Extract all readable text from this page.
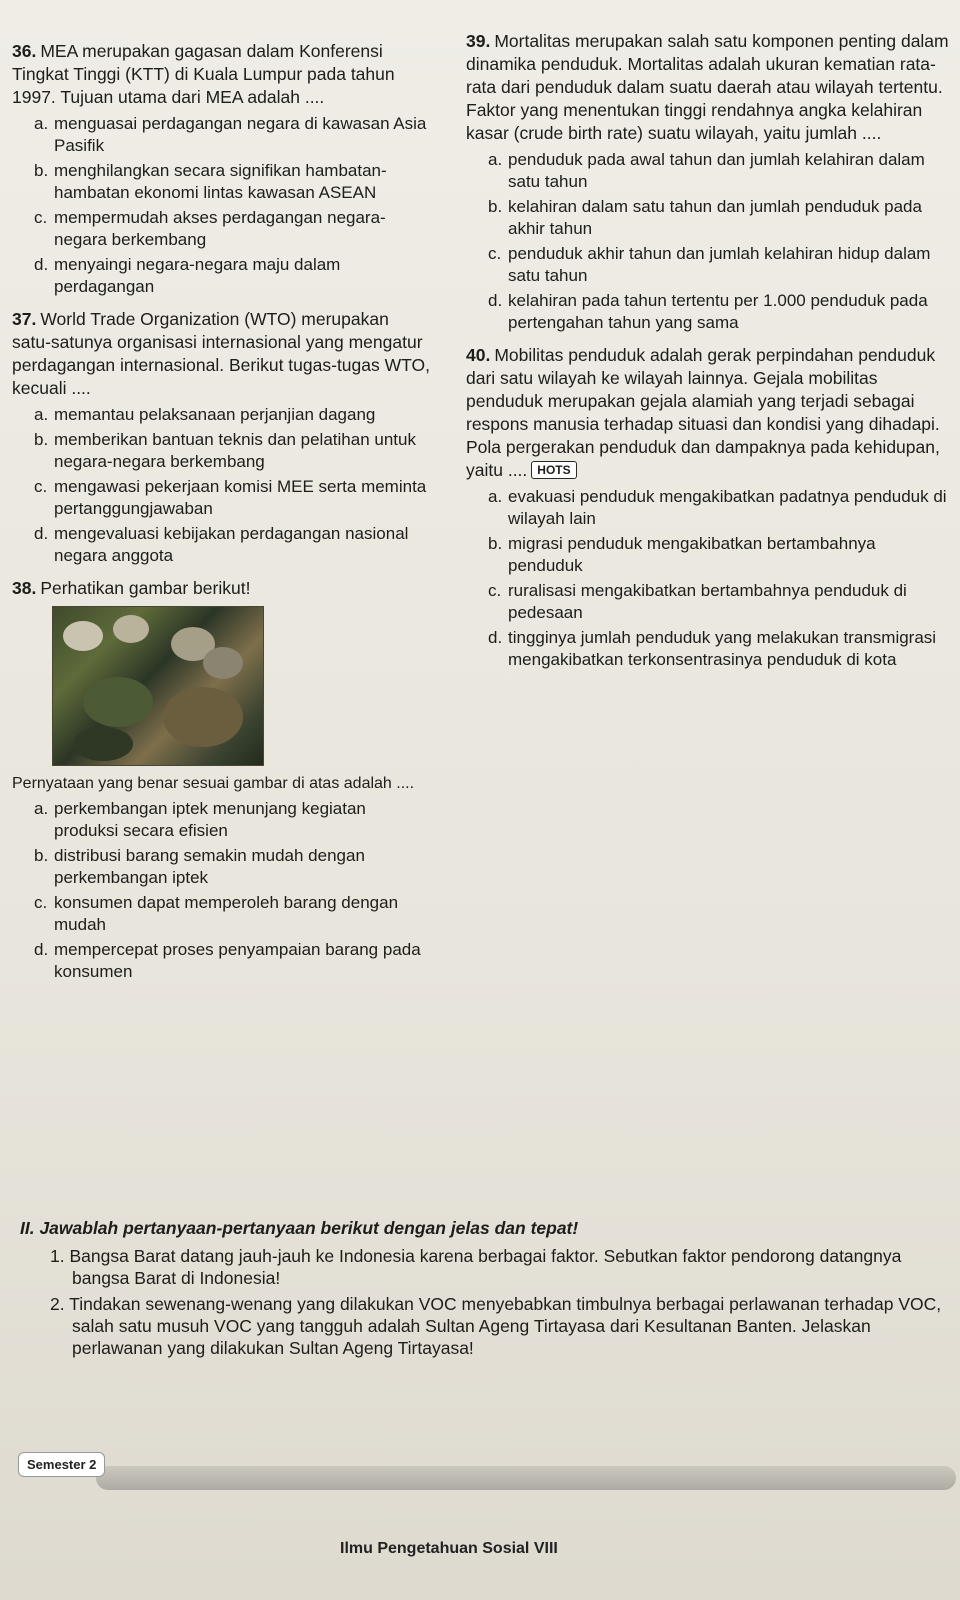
36. MEA merupakan gagasan dalam Konferensi Tingkat Tinggi (KTT) di Kuala Lumpur pada tahun 1997. Tujuan utama dari MEA adalah ....

a. menguasai perdagangan negara di kawasan Asia Pasifik
b. menghilangkan secara signifikan hambatan-hambatan ekonomi lintas kawasan ASEAN
c. mempermudah akses perdagangan negara-negara berkembang
d. menyaingi negara-negara maju dalam perdagangan

37. World Trade Organization (WTO) merupakan satu-satunya organisasi internasional yang mengatur perdagangan internasional. Berikut tugas-tugas WTO, kecuali ....

a. memantau pelaksanaan perjanjian dagang
b. memberikan bantuan teknis dan pelatihan untuk negara-negara berkembang
c. mengawasi pekerjaan komisi MEE serta meminta pertanggungjawaban
d. mengevaluasi kebijakan perdagangan nasional negara anggota

38. Perhatikan gambar berikut!

Pernyataan yang benar sesuai gambar di atas adalah ....

a. perkembangan iptek menunjang kegiatan produksi secara efisien
b. distribusi barang semakin mudah dengan perkembangan iptek
c. konsumen dapat memperoleh barang dengan mudah
d. mempercepat proses penyampaian barang pada konsumen

39. Mortalitas merupakan salah satu komponen penting dalam dinamika penduduk. Mortalitas adalah ukuran kematian rata-rata dari penduduk dalam suatu daerah atau wilayah tertentu. Faktor yang menentukan tinggi rendahnya angka kelahiran kasar (crude birth rate) suatu wilayah, yaitu jumlah ....

a. penduduk pada awal tahun dan jumlah kelahiran dalam satu tahun
b. kelahiran dalam satu tahun dan jumlah penduduk pada akhir tahun
c. penduduk akhir tahun dan jumlah kelahiran hidup dalam satu tahun
d. kelahiran pada tahun tertentu per 1.000 penduduk pada pertengahan tahun yang sama

40. Mobilitas penduduk adalah gerak perpindahan penduduk dari satu wilayah ke wilayah lainnya. Gejala mobilitas penduduk merupakan gejala alamiah yang terjadi sebagai respons manusia terhadap situasi dan kondisi yang dihadapi. Pola pergerakan penduduk dan dampaknya pada kehidupan, yaitu .... HOTS

a. evakuasi penduduk mengakibatkan padatnya penduduk di wilayah lain
b. migrasi penduduk mengakibatkan bertambahnya penduduk
c. ruralisasi mengakibatkan bertambahnya penduduk di pedesaan
d. tingginya jumlah penduduk yang melakukan transmigrasi mengakibatkan terkonsentrasinya penduduk di kota

II. Jawablah pertanyaan-pertanyaan berikut dengan jelas dan tepat!

1. Bangsa Barat datang jauh-jauh ke Indonesia karena berbagai faktor. Sebutkan faktor pendorong datangnya bangsa Barat di Indonesia!

2. Tindakan sewenang-wenang yang dilakukan VOC menyebabkan timbulnya berbagai perlawanan terhadap VOC, salah satu musuh VOC yang tangguh adalah Sultan Ageng Tirtayasa dari Kesultanan Banten. Jelaskan perlawanan yang dilakukan Sultan Ageng Tirtayasa!

Semester 2
Ilmu Pengetahuan Sosial VIII
